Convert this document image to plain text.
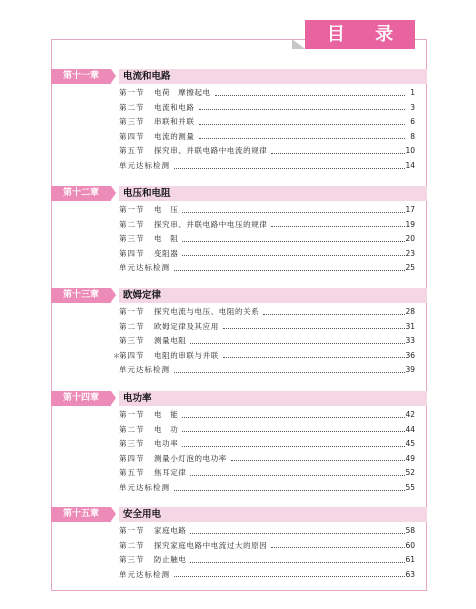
目 录
第十一章	电流和电路
第一节 电荷　摩擦起电	1
第二节 电流和电路	3
第三节 串联和并联	6
第四节 电流的测量	8
第五节 探究串、并联电路中电流的规律	10
单元达标检测	14
第十二章	电压和电阻
第一节 电　压	17
第二节 探究串、并联电路中电压的规律	19
第三节 电　阻	20
第四节 变阻器	23
单元达标检测	25
第十三章	欧姆定律
第一节 探究电流与电压、电阻的关系	28
第二节 欧姆定律及其应用	31
第三节 测量电阻	33
＊ 第四节 电阻的串联与并联	36
单元达标检测	39
第十四章	电功率
第一节 电　能	42
第二节 电　功	44
第三节 电功率	45
第四节 测量小灯泡的电功率	49
第五节 焦耳定律	52
单元达标检测	55
第十五章	安全用电
第一节 家庭电路	58
第二节 探究家庭电路中电流过大的原因	60
第三节 防止触电	61
单元达标检测	63
